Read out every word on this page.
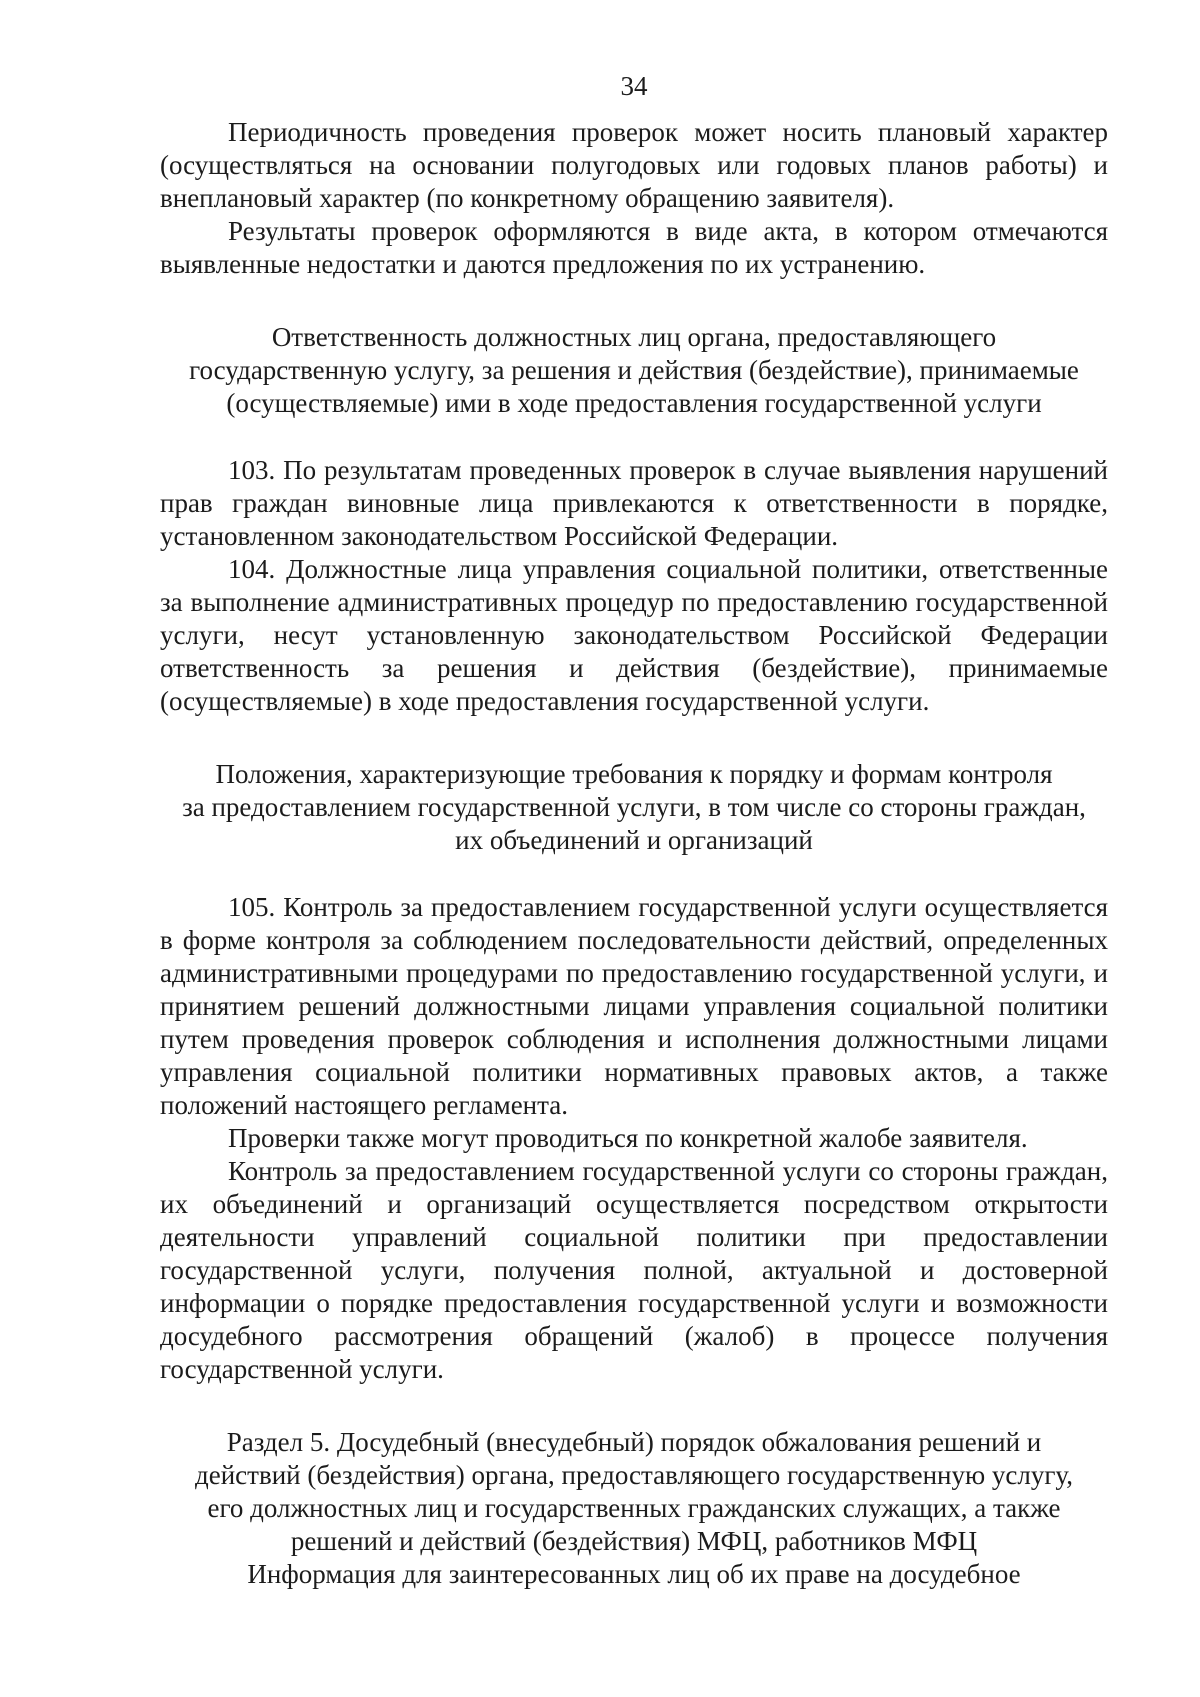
34

Периодичность проведения проверок может носить плановый характер (осуществляться на основании полугодовых или годовых планов работы) и внеплановый характер (по конкретному обращению заявителя).

Результаты проверок оформляются в виде акта, в котором отмечаются выявленные недостатки и даются предложения по их устранению.

Ответственность должностных лиц органа, предоставляющего
государственную услугу, за решения и действия (бездействие), принимаемые
(осуществляемые) ими в ходе предоставления государственной услуги

103. По результатам проведенных проверок в случае выявления нарушений прав граждан виновные лица привлекаются к ответственности в порядке, установленном законодательством Российской Федерации.

104. Должностные лица управления социальной политики, ответственные за выполнение административных процедур по предоставлению государственной услуги, несут установленную законодательством Российской Федерации ответственность за решения и действия (бездействие), принимаемые (осуществляемые) в ходе предоставления государственной услуги.

Положения, характеризующие требования к порядку и формам контроля
за предоставлением государственной услуги, в том числе со стороны граждан,
их объединений и организаций

105. Контроль за предоставлением государственной услуги осуществляется в форме контроля за соблюдением последовательности действий, определенных административными процедурами по предоставлению государственной услуги, и принятием решений должностными лицами управления социальной политики путем проведения проверок соблюдения и исполнения должностными лицами управления социальной политики нормативных правовых актов, а также положений настоящего регламента.

Проверки также могут проводиться по конкретной жалобе заявителя.

Контроль за предоставлением государственной услуги со стороны граждан, их объединений и организаций осуществляется посредством открытости деятельности управлений социальной политики при предоставлении государственной услуги, получения полной, актуальной и достоверной информации о порядке предоставления государственной услуги и возможности досудебного рассмотрения обращений (жалоб) в процессе получения государственной услуги.

Раздел 5. Досудебный (внесудебный) порядок обжалования решений и
действий (бездействия) органа, предоставляющего государственную услугу,
его должностных лиц и государственных гражданских служащих, а также
решений и действий (бездействия) МФЦ, работников МФЦ
Информация для заинтересованных лиц об их праве на досудебное
